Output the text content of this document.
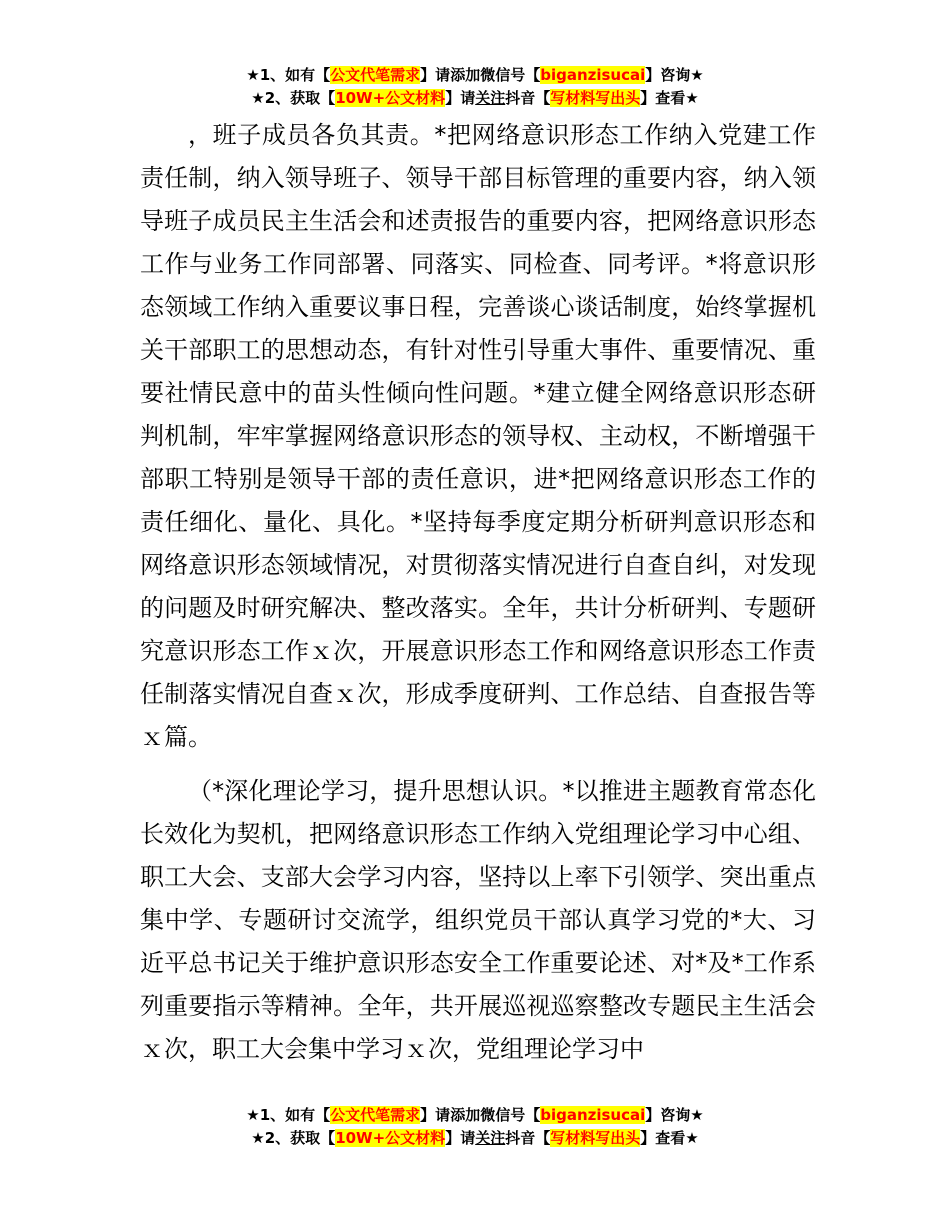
★1、如有【公文代笔需求】请添加微信号【biganzisucai】咨询★
★2、获取【10W+公文材料】请关注抖音【写材料写出头】查看★

，班子成员各负其责。*把网络意识形态工作纳入党建工作责任制，纳入领导班子、领导干部目标管理的重要内容，纳入领导班子成员民主生活会和述责报告的重要内容，把网络意识形态工作与业务工作同部署、同落实、同检查、同考评。*将意识形态领域工作纳入重要议事日程，完善谈心谈话制度，始终掌握机关干部职工的思想动态，有针对性引导重大事件、重要情况、重要社情民意中的苗头性倾向性问题。*建立健全网络意识形态研判机制，牢牢掌握网络意识形态的领导权、主动权，不断增强干部职工特别是领导干部的责任意识，进*把网络意识形态工作的责任细化、量化、具化。*坚持每季度定期分析研判意识形态和网络意识形态领域情况，对贯彻落实情况进行自查自纠，对发现的问题及时研究解决、整改落实。全年，共计分析研判、专题研究意识形态工作ｘ次，开展意识形态工作和网络意识形态工作责任制落实情况自查ｘ次，形成季度研判、工作总结、自查报告等ｘ篇。

（*深化理论学习，提升思想认识。*以推进主题教育常态化长效化为契机，把网络意识形态工作纳入党组理论学习中心组、职工大会、支部大会学习内容，坚持以上率下引领学、突出重点集中学、专题研讨交流学，组织党员干部认真学习党的*大、习近平总书记关于维护意识形态安全工作重要论述、对*及*工作系列重要指示等精神。全年，共开展巡视巡察整改专题民主生活会ｘ次，职工大会集中学习ｘ次，党组理论学习中

★1、如有【公文代笔需求】请添加微信号【biganzisucai】咨询★
★2、获取【10W+公文材料】请关注抖音【写材料写出头】查看★
